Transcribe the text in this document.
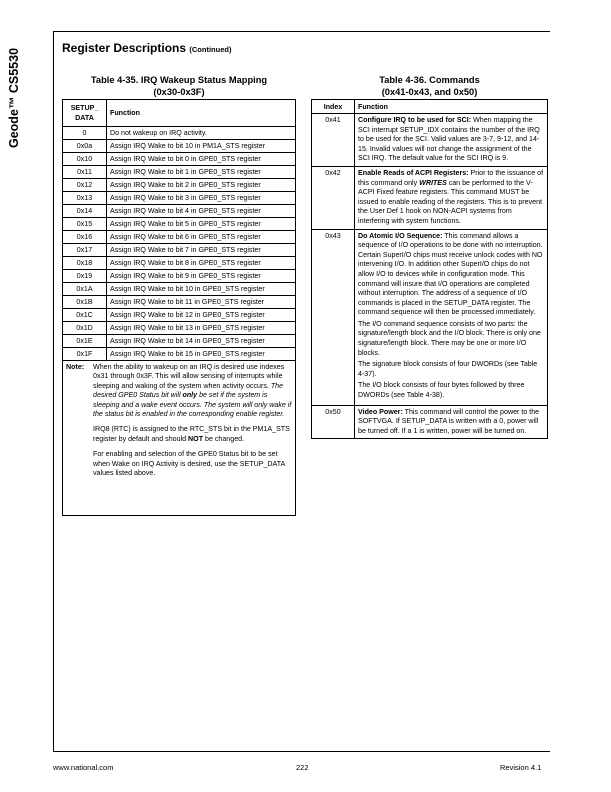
Geode™ CS5530	Register Descriptions (Continued)
Table 4-35. IRQ Wakeup Status Mapping
(0x30-0x3F)
SETUP_ DATA	Function
0	Do not wakeup on IRQ activity.
0x0a	Assign IRQ Wake to bit 10 in PM1A_STS register
0x10	Assign IRQ Wake to bit 0 in GPE0_STS register
0x11	Assign IRQ Wake to bit 1 in GPE0_STS register
0x12	Assign IRQ Wake to bit 2 in GPE0_STS register
0x13	Assign IRQ Wake to bit 3 in GPE0_STS register
0x14	Assign IRQ Wake to bit 4 in GPE0_STS register
0x15	Assign IRQ Wake to bit 5 in GPE0_STS register
0x16	Assign IRQ Wake to bit 6 in GPE0_STS register
0x17	Assign IRQ Wake to bit 7 in GPE0_STS register
0x18	Assign IRQ Wake to bit 8 in GPE0_STS register
0x19	Assign IRQ Wake to bit 9 in GPE0_STS register
0x1A	Assign IRQ Wake to bit 10 in GPE0_STS register
0x1B	Assign IRQ Wake to bit 11 in GPE0_STS register
0x1C	Assign IRQ Wake to bit 12 in GPE0_STS register
0x1D	Assign IRQ Wake to bit 13 in GPE0_STS register
0x1E	Assign IRQ Wake to bit 14 in GPE0_STS register
0x1F	Assign IRQ Wake to bit 15 in GPE0_STS register

Note: When the ability to wakeup on an IRQ is desired use indexes 0x31 through 0x3F. This will allow sensing of interrupts while sleeping and waking of the system when activity occurs. The desired GPE0 Status bit will only be set if the system is sleeping and a wake event occurs. The system will only wake if the status bit is enabled in the corresponding enable register.

IRQ8 (RTC) is assigned to the RTC_STS bit in the PM1A_STS register by default and should NOT be changed.

For enabling and selection of the GPE0 Status bit to be set when Wake on IRQ Activity is desired, use the SETUP_DATA values listed above.	

Table 4-36. Commands
(0x41-0x43, and 0x50)
Index	Function
0x41	Configure IRQ to be used for SCI: When mapping the SCI interrupt SETUP_IDX contains the number of the IRQ to be used for the SCI. Valid values are 3-7, 9-12, and 14-15. Invalid values will not change the assignment of the SCI IRQ. The default value for the SCI IRQ is 9.
0x42	Enable Reads of ACPI Registers: Prior to the issuance of this command only WRITES can be performed to the V-ACPI Fixed feature registers. This command MUST be issued to enable reading of the registers. This is to prevent the User Def 1 hook on NON-ACPI systems from interfering with system functions.
0x43	Do Atomic I/O Sequence: This command allows a sequence of I/O operations to be done with no interruption. Certain SuperI/O chips must receive unlock codes with NO intervening I/O. In addition other SuperI/O chips do not allow I/O to devices while in configuration mode. This command will insure that I/O operations are completed without interruption. The address of a sequence of I/O commands is placed in the SETUP_DATA register. The command sequence will then be processed immediately.

The I/O command sequence consists of two parts: the signature/length block and the I/O block. There is only one signature/length block. There may be one or more I/O blocks.

The signature block consists of four DWORDs (see Table 4-37).

The I/O block consists of four bytes followed by three DWORDs (see Table 4-38).

0x50	Video Power: This command will control the power to the SOFTVGA. If SETUP_DATA is written with a 0, power will be turned off. If a 1 is written, power will be turned on.
www.national.com	222	Revision 4.1
